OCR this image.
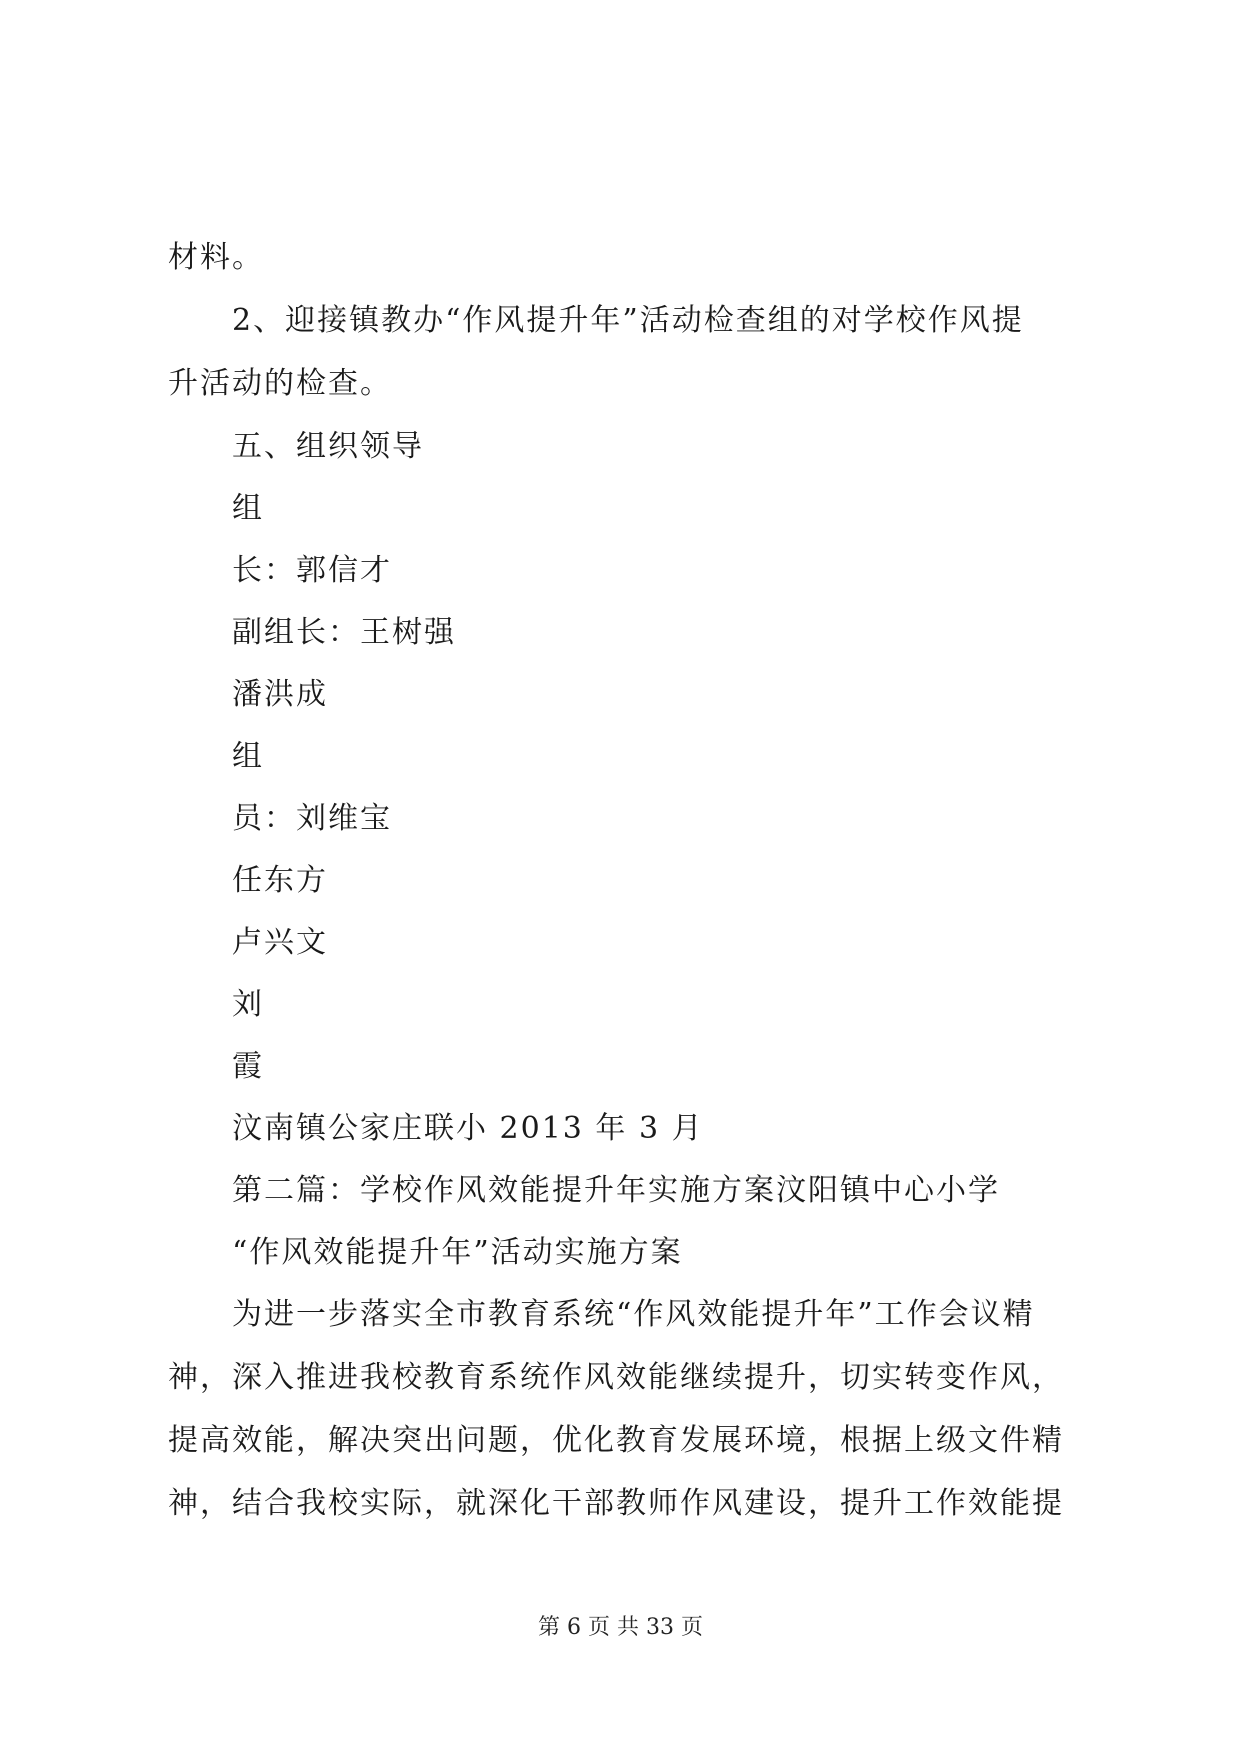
材料。
2、迎接镇教办“作风提升年”活动检查组的对学校作风提
升活动的检查。
五、组织领导
组
长：郭信才
副组长：王树强
潘洪成
组
员：刘维宝
任东方
卢兴文
刘
霞
汶南镇公家庄联小 2013 年 3 月
第二篇：学校作风效能提升年实施方案汶阳镇中心小学
“作风效能提升年”活动实施方案
为进一步落实全市教育系统“作风效能提升年”工作会议精
神，深入推进我校教育系统作风效能继续提升，切实转变作风，
提高效能，解决突出问题，优化教育发展环境，根据上级文件精
神，结合我校实际，就深化干部教师作风建设，提升工作效能提
第 6 页 共 33 页
